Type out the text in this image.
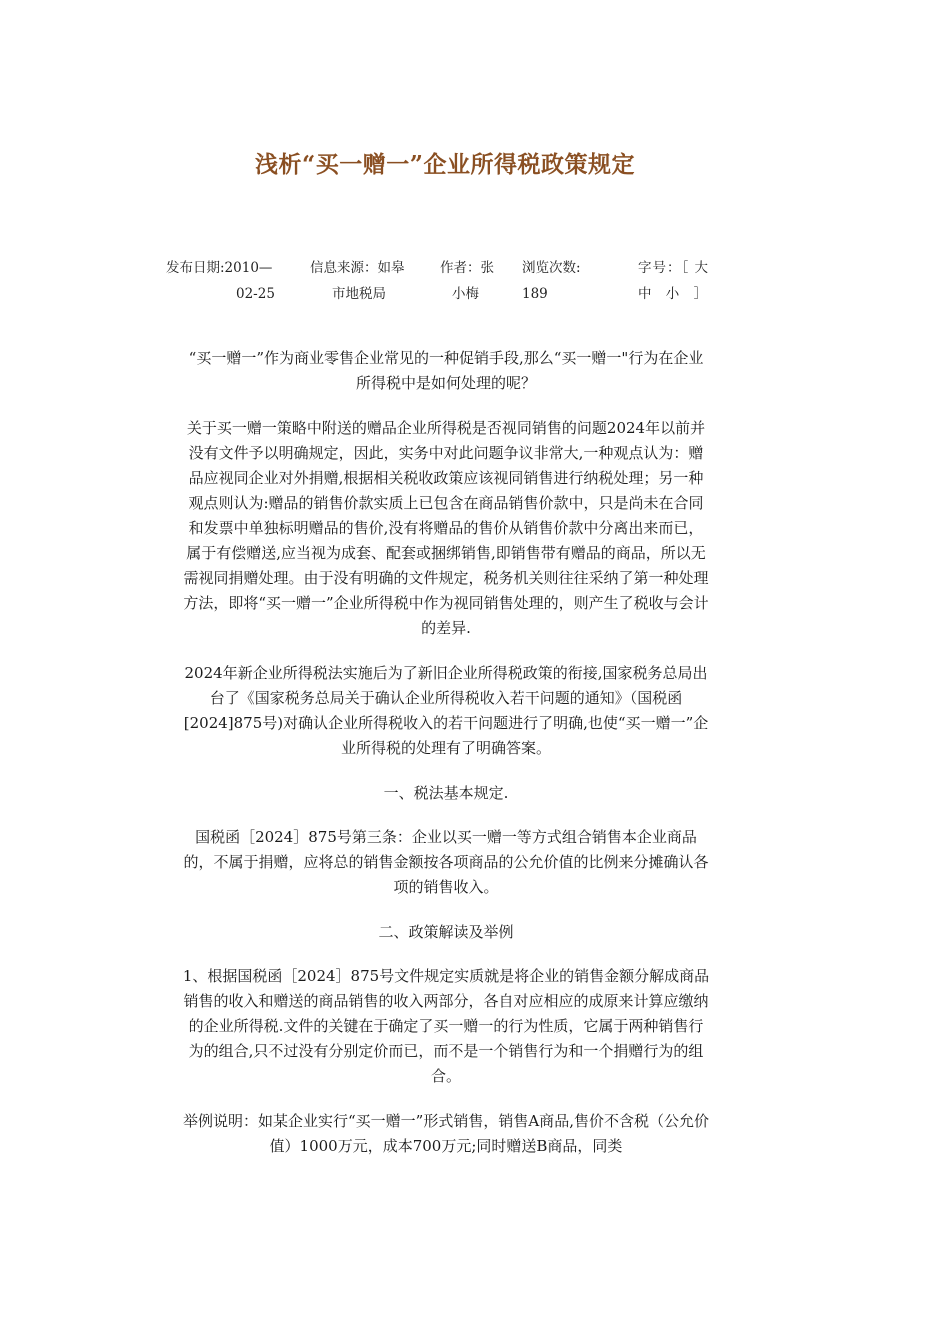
浅析“买一赠一”企业所得税政策规定
发布日期:2010—
02-25
信息来源：如皋
市地税局
作者：张
小梅
浏览次数:
189
字号：［ 大
中 小 ］

“买一赠一”作为商业零售企业常见的一种促销手段,那么“买一赠一"行为在企业所得税中是如何处理的呢？

关于买一赠一策略中附送的赠品企业所得税是否视同销售的问题2024年以前并没有文件予以明确规定，因此，实务中对此问题争议非常大,一种观点认为：赠品应视同企业对外捐赠,根据相关税收政策应该视同销售进行纳税处理；另一种观点则认为:赠品的销售价款实质上已包含在商品销售价款中，只是尚未在合同和发票中单独标明赠品的售价,没有将赠品的售价从销售价款中分离出来而已，属于有偿赠送,应当视为成套、配套或捆绑销售,即销售带有赠品的商品，所以无需视同捐赠处理。由于没有明确的文件规定，税务机关则往往采纳了第一种处理方法，即将“买一赠一”企业所得税中作为视同销售处理的，则产生了税收与会计的差异.

2024年新企业所得税法实施后为了新旧企业所得税政策的衔接,国家税务总局出台了《国家税务总局关于确认企业所得税收入若干问题的通知》（国税函[2024]875号)对确认企业所得税收入的若干问题进行了明确,也使“买一赠一”企业所得税的处理有了明确答案。

一、税法基本规定.

国税函［2024］875号第三条：企业以买一赠一等方式组合销售本企业商品的，不属于捐赠，应将总的销售金额按各项商品的公允价值的比例来分摊确认各项的销售收入。

二、政策解读及举例

1、根据国税函［2024］875号文件规定实质就是将企业的销售金额分解成商品销售的收入和赠送的商品销售的收入两部分，各自对应相应的成原来计算应缴纳的企业所得税.文件的关键在于确定了买一赠一的行为性质，它属于两种销售行为的组合,只不过没有分别定价而已，而不是一个销售行为和一个捐赠行为的组合。

举例说明：如某企业实行“买一赠一”形式销售，销售A商品,售价不含税（公允价值）1000万元，成本700万元;同时赠送B商品，同类
